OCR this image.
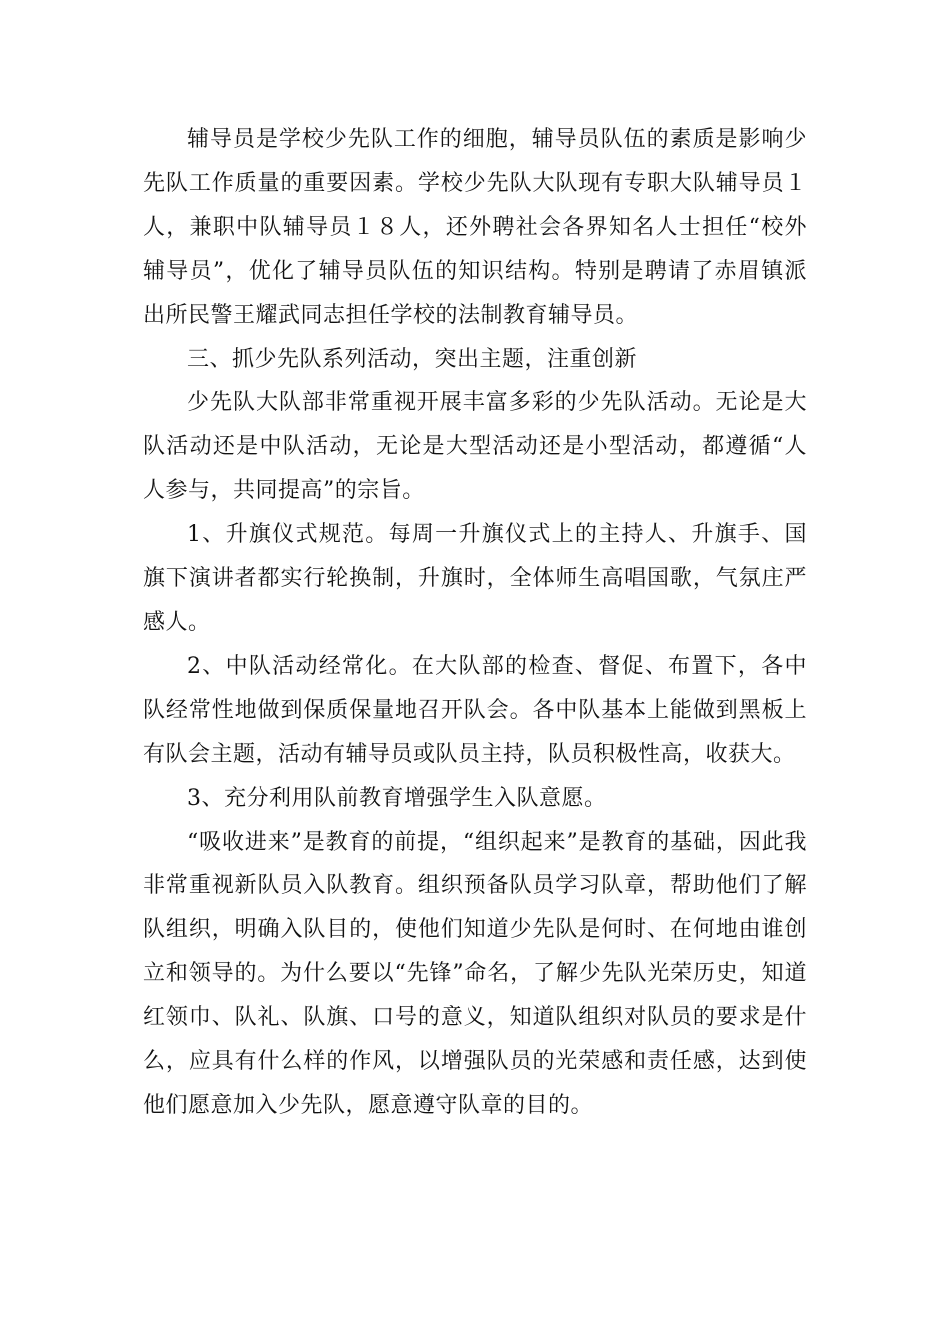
辅导员是学校少先队工作的细胞，辅导员队伍的素质是影响少先队工作质量的重要因素。学校少先队大队现有专职大队辅导员１人，兼职中队辅导员１８人，还外聘社会各界知名人士担任“校外辅导员”，优化了辅导员队伍的知识结构。特别是聘请了赤眉镇派出所民警王耀武同志担任学校的法制教育辅导员。

三、抓少先队系列活动，突出主题，注重创新

少先队大队部非常重视开展丰富多彩的少先队活动。无论是大队活动还是中队活动，无论是大型活动还是小型活动，都遵循“人人参与，共同提高”的宗旨。

1、升旗仪式规范。每周一升旗仪式上的主持人、升旗手、国旗下演讲者都实行轮换制，升旗时，全体师生高唱国歌，气氛庄严感人。

2、中队活动经常化。在大队部的检查、督促、布置下，各中队经常性地做到保质保量地召开队会。各中队基本上能做到黑板上有队会主题，活动有辅导员或队员主持，队员积极性高，收获大。

3、充分利用队前教育增强学生入队意愿。

“吸收进来”是教育的前提，“组织起来”是教育的基础，因此我非常重视新队员入队教育。组织预备队员学习队章，帮助他们了解队组织，明确入队目的，使他们知道少先队是何时、在何地由谁创立和领导的。为什么要以“先锋”命名，了解少先队光荣历史，知道红领巾、队礼、队旗、口号的意义，知道队组织对队员的要求是什么，应具有什么样的作风，以增强队员的光荣感和责任感，达到使他们愿意加入少先队，愿意遵守队章的目的。
